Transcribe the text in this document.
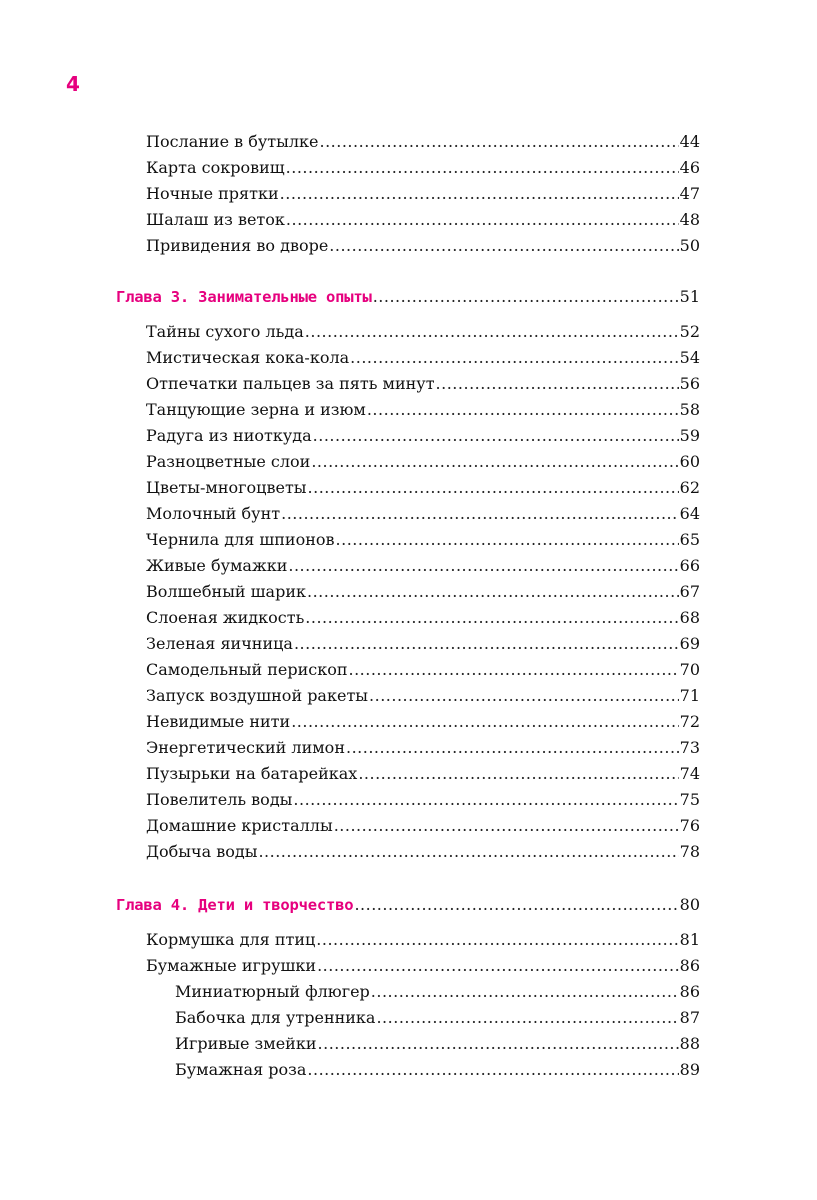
4
Послание в бутылке .....	44
Карта сокровищ .....	46
Ночные прятки .....	47
Шалаш из веток .....	48
Привидения во дворе .....	50
Глава 3. Занимательные опыты .....	51
Тайны сухого льда .....	52
Мистическая кока-кола .....	54
Отпечатки пальцев за пять минут .....	56
Танцующие зерна и изюм .....	58
Радуга из ниоткуда .....	59
Разноцветные слои .....	60
Цветы-многоцветы .....	62
Молочный бунт .....	64
Чернила для шпионов .....	65
Живые бумажки .....	66
Волшебный шарик .....	67
Слоеная жидкость .....	68
Зеленая яичница .....	69
Самодельный перископ .....	70
Запуск воздушной ракеты .....	71
Невидимые нити .....	72
Энергетический лимон .....	73
Пузырьки на батарейках .....	74
Повелитель воды .....	75
Домашние кристаллы .....	76
Добыча воды .....	78
Глава 4. Дети и творчество .....	80
Кормушка для птиц .....	81
Бумажные игрушки .....	86
Миниатюрный флюгер .....	86
Бабочка для утренника .....	87
Игривые змейки .....	88
Бумажная роза .....	89
